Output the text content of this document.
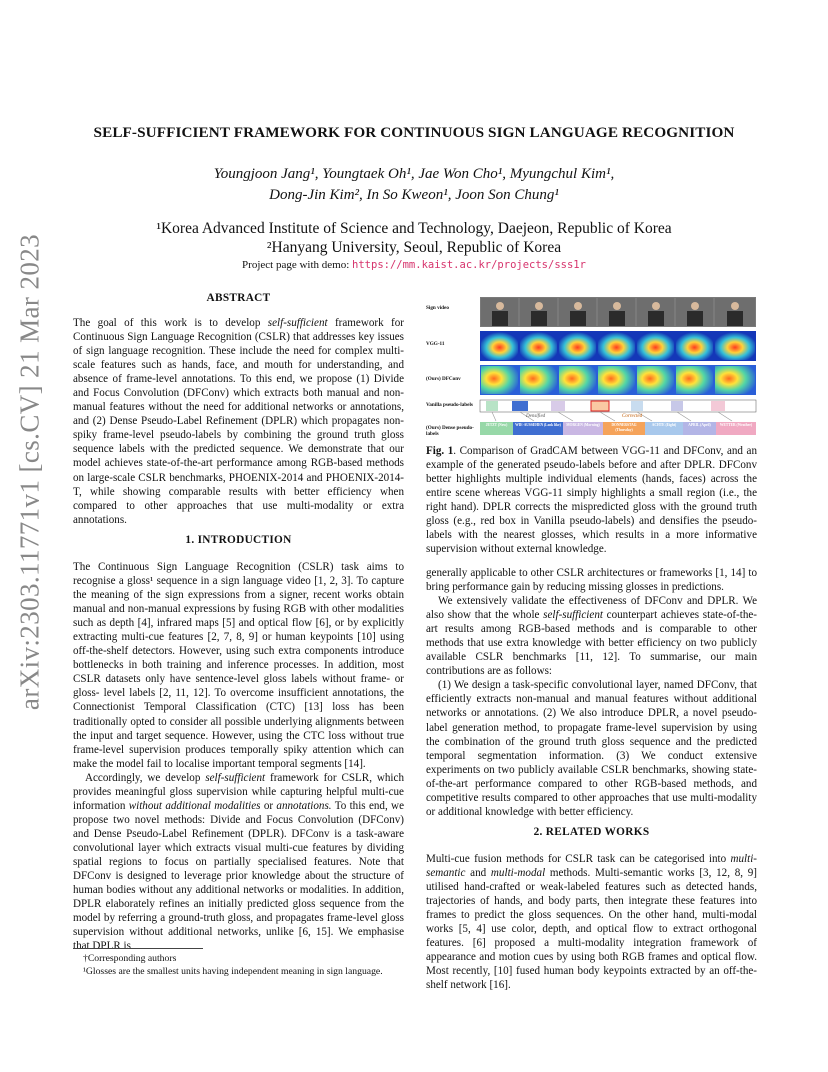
arXiv:2303.11771v1 [cs.CV] 21 Mar 2023
SELF-SUFFICIENT FRAMEWORK FOR CONTINUOUS SIGN LANGUAGE RECOGNITION
Youngjoon Jang¹, Youngtaek Oh¹, Jae Won Cho¹, Myungchul Kim¹,
Dong-Jin Kim², In So Kweon¹, Joon Son Chung¹
¹Korea Advanced Institute of Science and Technology, Daejeon, Republic of Korea
²Hanyang University, Seoul, Republic of Korea
Project page with demo: https://mm.kaist.ac.kr/projects/sss1r
ABSTRACT

The goal of this work is to develop self-sufficient framework for Continuous Sign Language Recognition (CSLR) that addresses key issues of sign language recognition. These include the need for complex multi-scale features such as hands, face, and mouth for understanding, and absence of frame-level annotations. To this end, we propose (1) Divide and Focus Convolution (DFConv) which extracts both manual and non-manual features without the need for additional networks or annotations, and (2) Dense Pseudo-Label Refinement (DPLR) which propagates non-spiky frame-level pseudo-labels by combining the ground truth gloss sequence labels with the predicted sequence. We demonstrate that our model achieves state-of-the-art performance among RGB-based methods on large-scale CSLR benchmarks, PHOENIX-2014 and PHOENIX-2014-T, while showing comparable results with better efficiency when compared to other approaches that use multi-modality or extra annotations.

1. INTRODUCTION

The Continuous Sign Language Recognition (CSLR) task aims to recognise a gloss¹ sequence in a sign language video [1, 2, 3]. To capture the meaning of the sign expressions from a signer, recent works obtain manual and non-manual expressions by fusing RGB with other modalities such as depth [4], infrared maps [5] and optical flow [6], or by explicitly extracting multi-cue features [2, 7, 8, 9] or human keypoints [10] using off-the-shelf detectors. However, using such extra components introduce bottlenecks in both training and inference processes. In addition, most CSLR datasets only have sentence-level gloss labels without frame- or gloss- level labels [2, 11, 12]. To overcome insufficient annotations, the Connectionist Temporal Classification (CTC) [13] loss has been traditionally opted to consider all possible underlying alignments between the input and target sequence. However, using the CTC loss without true frame-level supervision produces temporally spiky attention which can make the model fail to localise important temporal segments [14].

Accordingly, we develop self-sufficient framework for CSLR, which provides meaningful gloss supervision while capturing helpful multi-cue information without additional modalities or annotations. To this end, we propose two novel methods: Divide and Focus Convolution (DFConv) and Dense Pseudo-Label Refinement (DPLR). DFConv is a task-aware convolutional layer which extracts visual multi-cue features by dividing spatial regions to focus on partially specialised features. Note that DFConv is designed to leverage prior knowledge about the structure of human bodies without any additional networks or modalities. In addition, DPLR elaborately refines an initially predicted gloss sequence from the model by referring a ground-truth gloss, and propagates frame-level gloss supervision without additional networks, unlike [6, 15]. We emphasise that DPLR is

†Corresponding authors
¹Glosses are the smallest units having independent meaning in sign language.
Sign video
VGG-11
(Ours) DFConv
Vanilla pseudo-labels
(Ours) Dense pseudo-labels
Densified	Corrected
JETZT (Now)	WIE-AUSSEHEN (Look like)	MORGEN (Morning)	DONNERSTAG (Thursday)
ACHTE (Eight)	APRIL (April)	WETTER (Weather)
Fig. 1. Comparison of GradCAM between VGG-11 and DFConv, and an example of the generated pseudo-labels before and after DPLR. DFConv better highlights multiple individual elements (hands, faces) across the entire scene whereas VGG-11 simply highlights a small region (i.e., the right hand). DPLR corrects the mispredicted gloss with the ground truth gloss (e.g., red box in Vanilla pseudo-labels) and densifies the pseudo-labels with the nearest glosses, which results in a more informative supervision without external knowledge.

generally applicable to other CSLR architectures or frameworks [1, 14] to bring performance gain by reducing missing glosses in predictions.

We extensively validate the effectiveness of DFConv and DPLR. We also show that the whole self-sufficient counterpart achieves state-of-the-art results among RGB-based methods and is comparable to other methods that use extra knowledge with better efficiency on two publicly available CSLR benchmarks [11, 12]. To summarise, our main contributions are as follows:

(1) We design a task-specific convolutional layer, named DFConv, that efficiently extracts non-manual and manual features without additional networks or annotations. (2) We also introduce DPLR, a novel pseudo-label generation method, to propagate frame-level supervision by using the combination of the ground truth gloss sequence and the predicted temporal segmentation information. (3) We conduct extensive experiments on two publicly available CSLR benchmarks, showing state-of-the-art performance compared to other RGB-based methods, and competitive results compared to other approaches that use multi-modality or additional knowledge with better efficiency.

2. RELATED WORKS

Multi-cue fusion methods for CSLR task can be categorised into multi-semantic and multi-modal methods. Multi-semantic works [3, 12, 8, 9] utilised hand-crafted or weak-labeled features such as detected hands, trajectories of hands, and body parts, then integrate these features into frames to predict the gloss sequences. On the other hand, multi-modal works [5, 4] use color, depth, and optical flow to extract orthogonal features. [6] proposed a multi-modality integration framework of appearance and motion cues by using both RGB frames and optical flow. Most recently, [10] fused human body keypoints extracted by an off-the-shelf network [16].
